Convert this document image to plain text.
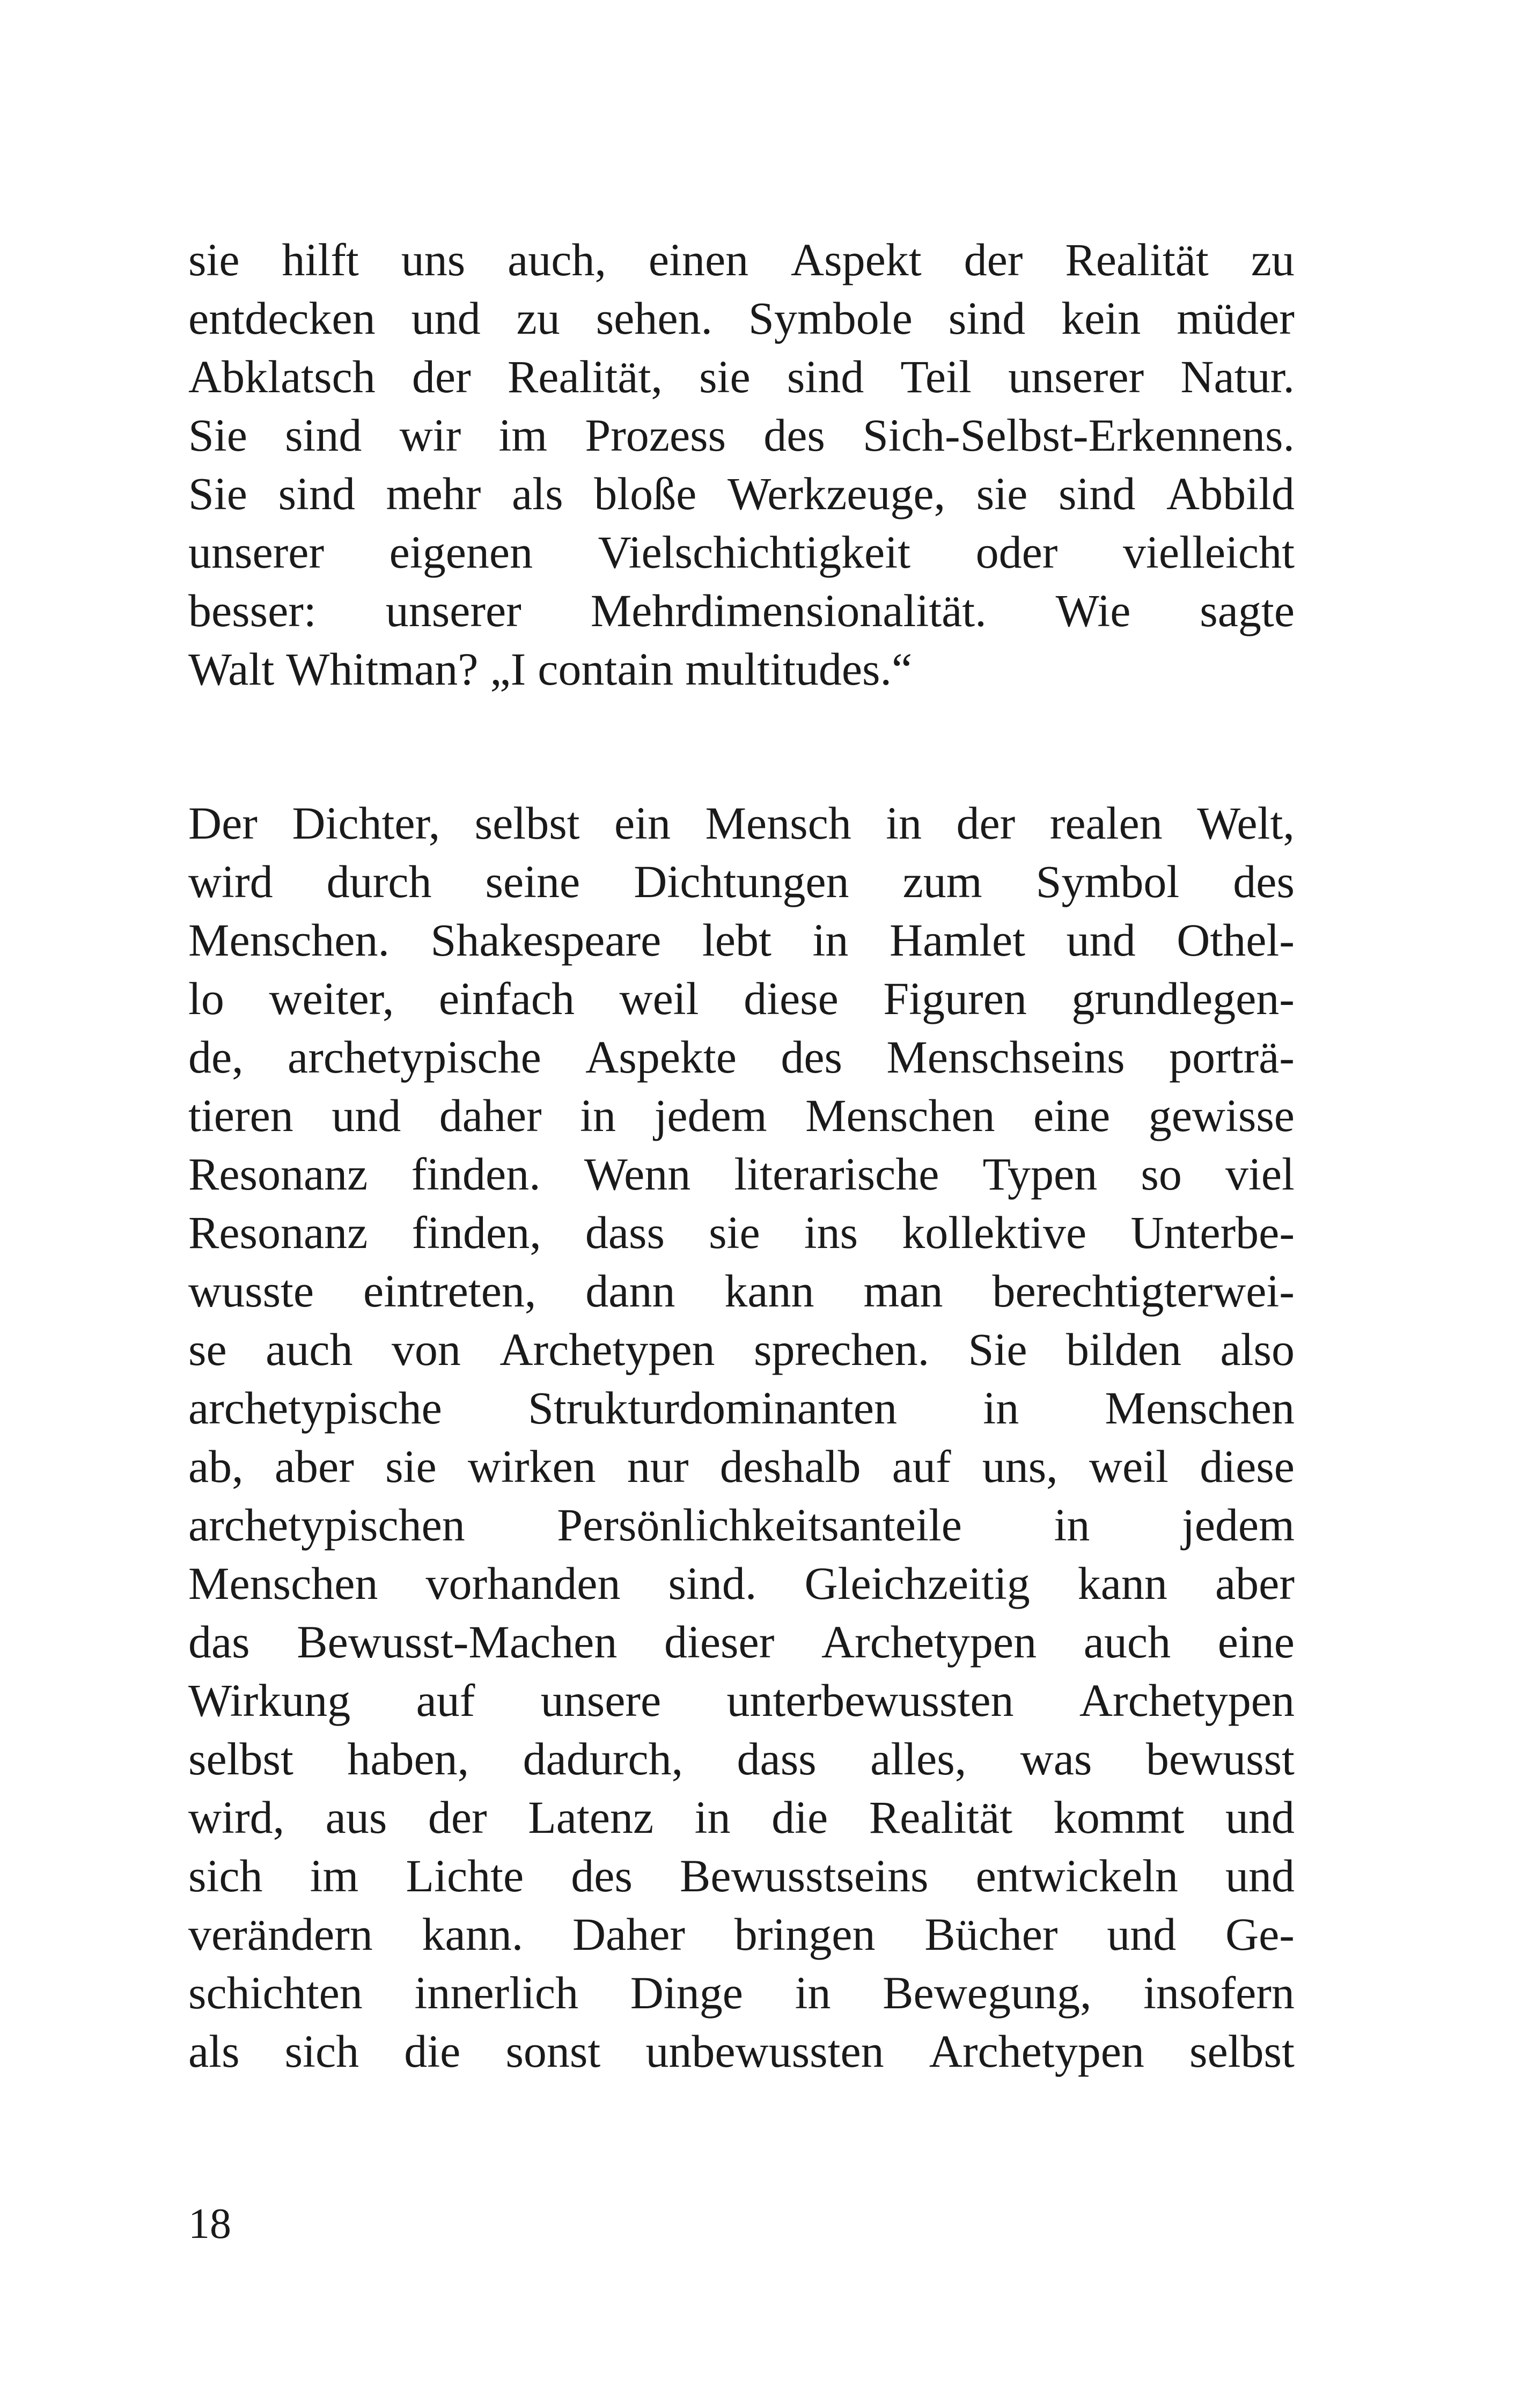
sie hilft uns auch, einen Aspekt der Realität zu
entdecken und zu sehen. Symbole sind kein müder
Abklatsch der Realität, sie sind Teil unserer Natur.
Sie sind wir im Prozess des Sich-Selbst-Erkennens.
Sie sind mehr als bloße Werkzeuge, sie sind Abbild
unserer eigenen Vielschichtigkeit oder vielleicht
besser: unserer Mehrdimensionalität. Wie sagte
Walt Whitman? „I contain multitudes.“
Der Dichter, selbst ein Mensch in der realen Welt,
wird durch seine Dichtungen zum Symbol des
Menschen. Shakespeare lebt in Hamlet und Othel-
lo weiter, einfach weil diese Figuren grundlegen-
de, archetypische Aspekte des Menschseins porträ-
tieren und daher in jedem Menschen eine gewisse
Resonanz finden. Wenn literarische Typen so viel
Resonanz finden, dass sie ins kollektive Unterbe-
wusste eintreten, dann kann man berechtigterwei-
se auch von Archetypen sprechen. Sie bilden also
archetypische Strukturdominanten in Menschen
ab, aber sie wirken nur deshalb auf uns, weil diese
archetypischen Persönlichkeitsanteile in jedem
Menschen vorhanden sind. Gleichzeitig kann aber
das Bewusst-Machen dieser Archetypen auch eine
Wirkung auf unsere unterbewussten Archetypen
selbst haben, dadurch, dass alles, was bewusst
wird, aus der Latenz in die Realität kommt und
sich im Lichte des Bewusstseins entwickeln und
verändern kann. Daher bringen Bücher und Ge-
schichten innerlich Dinge in Bewegung, insofern
als sich die sonst unbewussten Archetypen selbst
18
